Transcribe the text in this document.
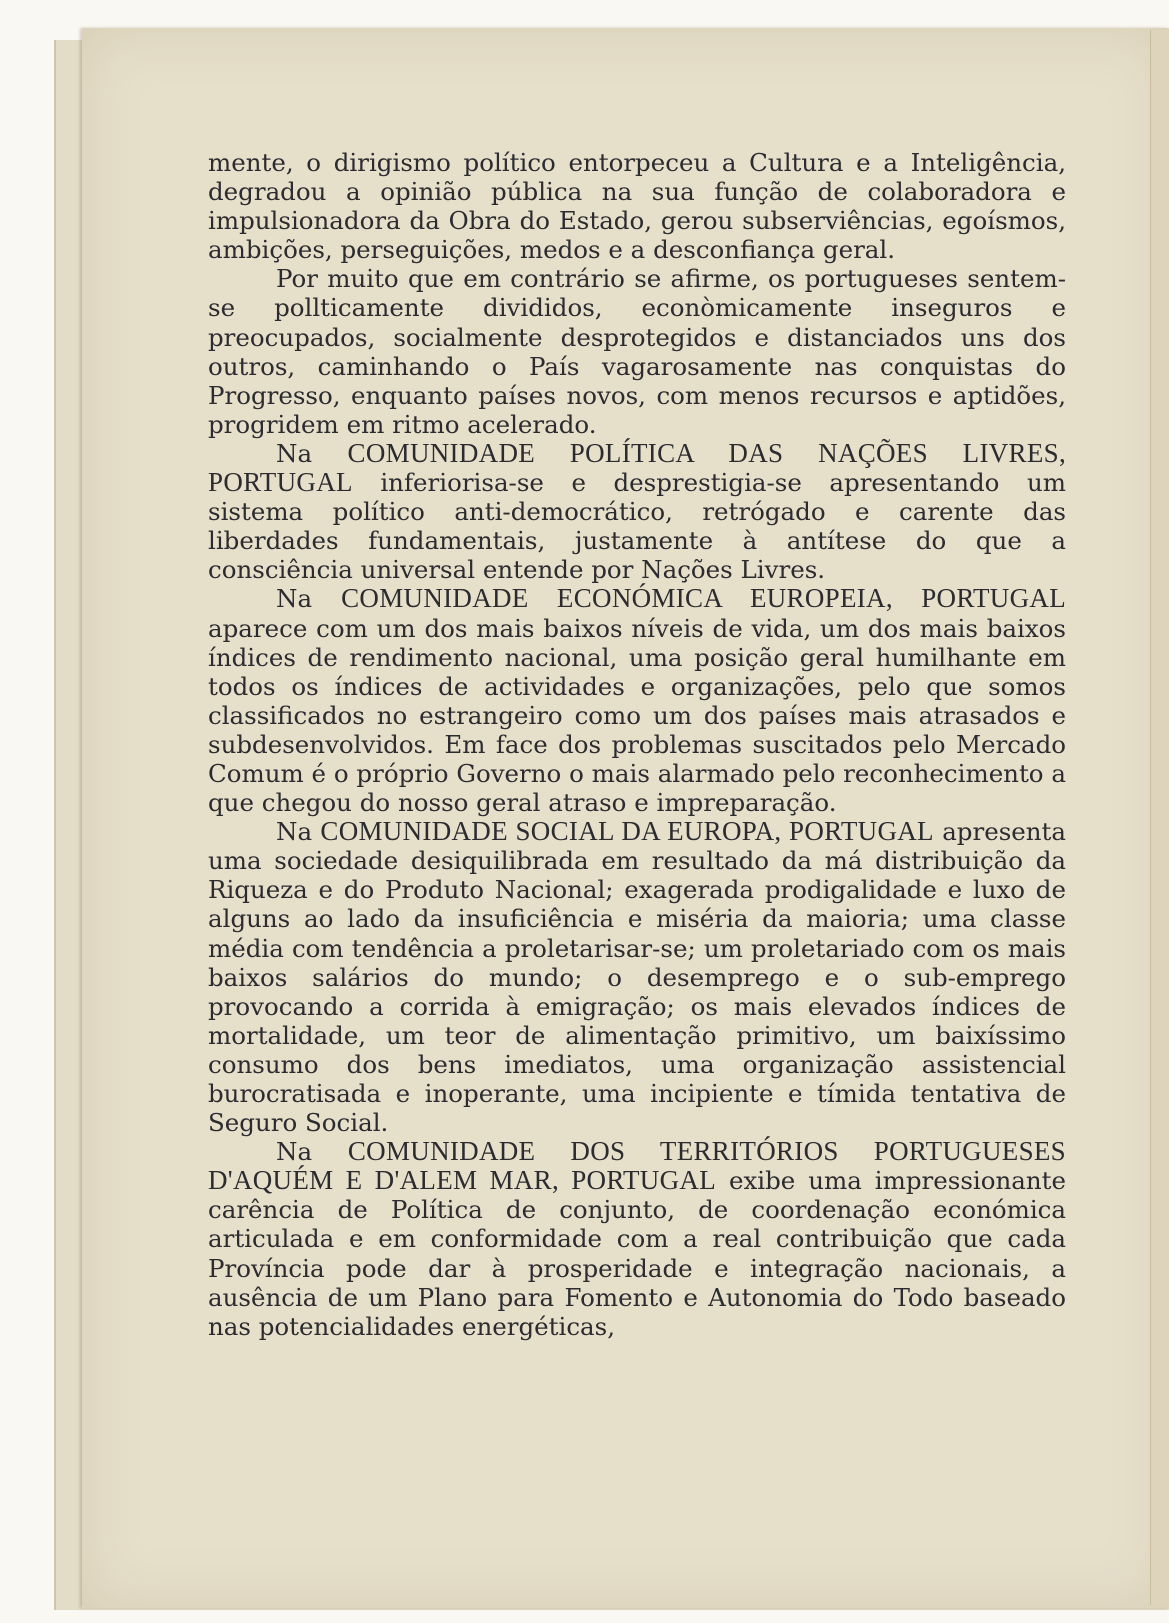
mente, o dirigismo político entorpeceu a Cultura e a Inteligência, degradou a opinião pública na sua função de colaboradora e impulsionadora da Obra do Estado, gerou subserviências, egoísmos, ambições, perseguições, medos e a desconfiança geral.

Por muito que em contrário se afirme, os portugueses sentem-se pollticamente divididos, econòmicamente inseguros e preocupados, socialmente desprotegidos e distanciados uns dos outros, caminhando o País vagarosamente nas conquistas do Progresso, enquanto países novos, com menos recursos e aptidões, progridem em ritmo acelerado.

Na COMUNIDADE POLÍTICA DAS NAÇÕES LIVRES, PORTUGAL inferiorisa-se e desprestigia-se apresentando um sistema político anti-democrático, retrógado e carente das liberdades fundamentais, justamente à antítese do que a consciência universal entende por Nações Livres.

Na COMUNIDADE ECONÓMICA EUROPEIA, PORTUGAL aparece com um dos mais baixos níveis de vida, um dos mais baixos índices de rendimento nacional, uma posição geral humilhante em todos os índices de actividades e organizações, pelo que somos classificados no estrangeiro como um dos países mais atrasados e subdesenvolvidos. Em face dos problemas suscitados pelo Mercado Comum é o próprio Governo o mais alarmado pelo reconhecimento a que chegou do nosso geral atraso e impreparação.

Na COMUNIDADE SOCIAL DA EUROPA, PORTUGAL apresenta uma sociedade desiquilibrada em resultado da má distribuição da Riqueza e do Produto Nacional; exagerada prodigalidade e luxo de alguns ao lado da insuficiência e miséria da maioria; uma classe média com tendência a proletarisar-se; um proletariado com os mais baixos salários do mundo; o desemprego e o sub-emprego provocando a corrida à emigração; os mais elevados índices de mortalidade, um teor de alimentação primitivo, um baixíssimo consumo dos bens imediatos, uma organização assistencial burocratisada e inoperante, uma incipiente e tímida tentativa de Seguro Social.

Na COMUNIDADE DOS TERRITÓRIOS PORTUGUESES D'AQUÉM E D'ALEM MAR, PORTUGAL exibe uma impressionante carência de Política de conjunto, de coordenação económica articulada e em conformidade com a real contribuição que cada Província pode dar à prosperidade e integração nacionais, a ausência de um Plano para Fomento e Autonomia do Todo baseado nas potencialidades energéticas,
